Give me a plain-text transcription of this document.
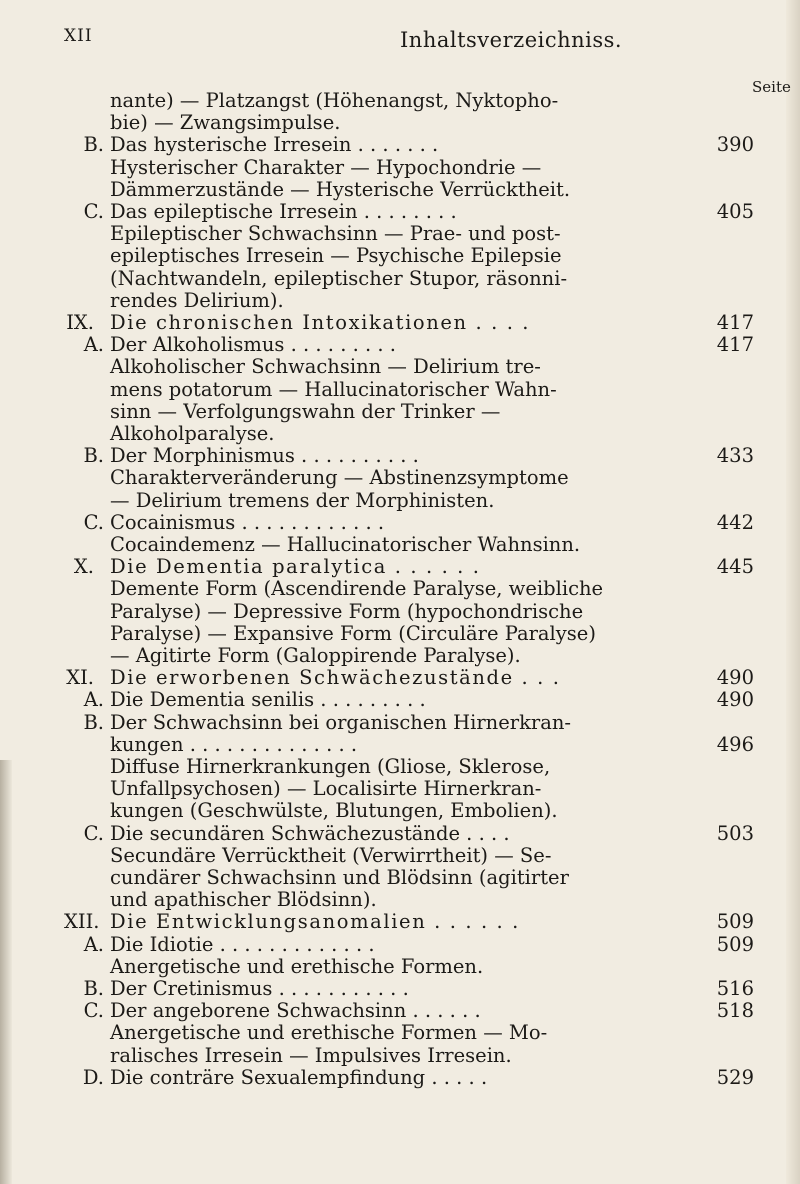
XII	Inhaltsverzeichniss.
Seite
nante) — Platzangst (Höhenangst, Nyktopho-
bie) — Zwangsimpulse.
B. Das hysterische Irresein . . . . . . .	390
Hysterischer Charakter — Hypochondrie —
Dämmerzustände — Hysterische Verrücktheit.
C. Das epileptische Irresein . . . . . . . .	405
Epileptischer Schwachsinn — Prae- und post-
epileptisches Irresein — Psychische Epilepsie
(Nachtwandeln, epileptischer Stupor, räsonni-
rendes Delirium).
IX. Die chronischen Intoxikationen . . . .	417
A. Der Alkoholismus . . . . . . . . .	417
Alkoholischer Schwachsinn — Delirium tre-
mens potatorum — Hallucinatorischer Wahn-
sinn — Verfolgungswahn der Trinker —
Alkoholparalyse.
B. Der Morphinismus . . . . . . . . . .	433
Charakterveränderung — Abstinenzsymptome
— Delirium tremens der Morphinisten.
C. Cocainismus . . . . . . . . . . . .	442
Cocaindemenz — Hallucinatorischer Wahnsinn.
X. Die Dementia paralytica . . . . . .	445
Demente Form (Ascendirende Paralyse, weibliche
Paralyse) — Depressive Form (hypochondrische
Paralyse) — Expansive Form (Circuläre Paralyse)
— Agitirte Form (Galoppirende Paralyse).
XI. Die erworbenen Schwächezustände . . .	490
A. Die Dementia senilis . . . . . . . . .	490
B. Der Schwachsinn bei organischen Hirnerkran-
kungen . . . . . . . . . . . . . .	496
Diffuse Hirnerkrankungen (Gliose, Sklerose,
Unfallpsychosen) — Localisirte Hirnerkran-
kungen (Geschwülste, Blutungen, Embolien).
C. Die secundären Schwächezustände . . . .	503
Secundäre Verrücktheit (Verwirrtheit) — Se-
cundärer Schwachsinn und Blödsinn (agitirter
und apathischer Blödsinn).
XII. Die Entwicklungsanomalien . . . . . .	509
A. Die Idiotie . . . . . . . . . . . . .	509
Anergetische und erethische Formen.
B. Der Cretinismus . . . . . . . . . . .	516
C. Der angeborene Schwachsinn . . . . . .	518
Anergetische und erethische Formen — Mo-
ralisches Irresein — Impulsives Irresein.
D. Die conträre Sexualempfindung . . . . .	529
